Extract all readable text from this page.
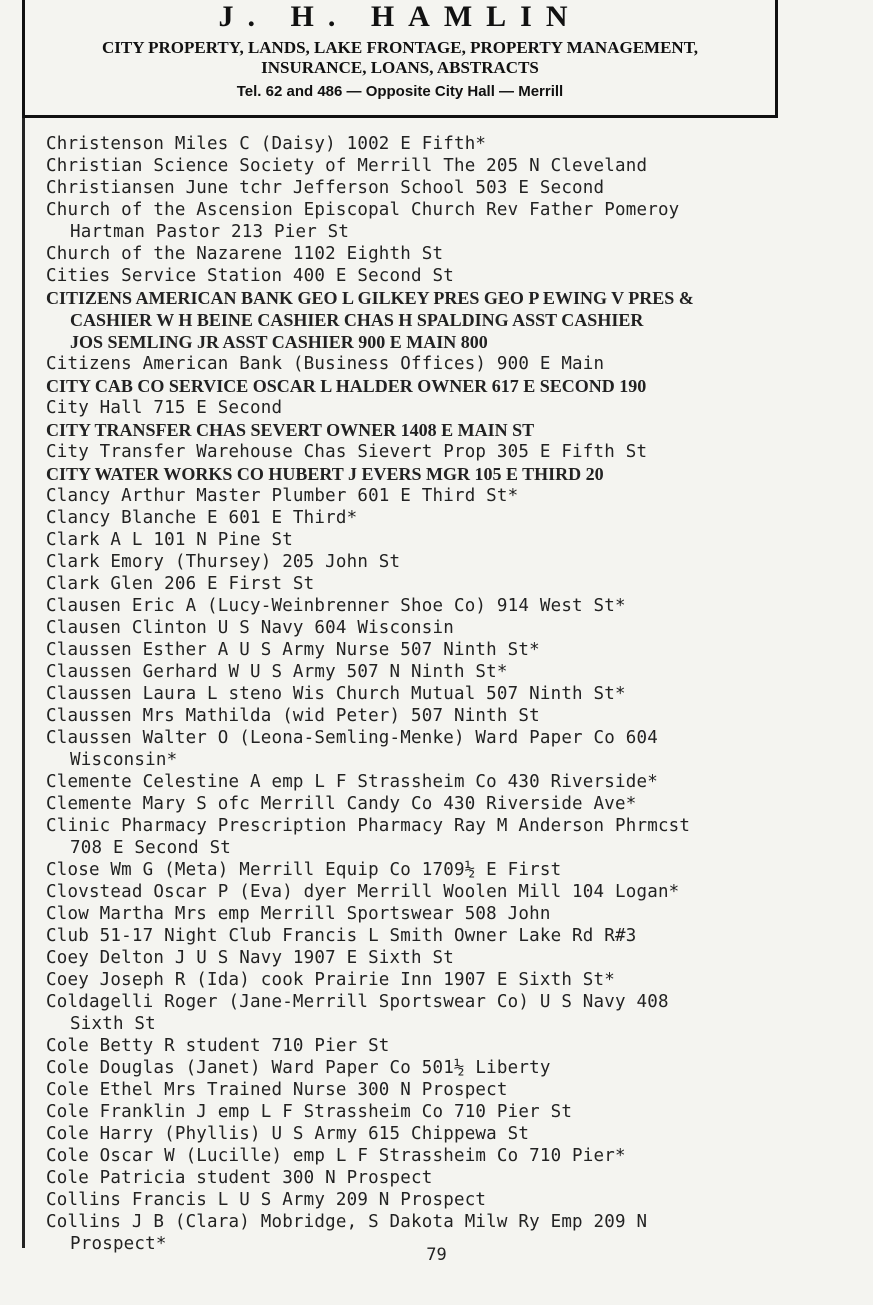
J. H. HAMLIN
CITY PROPERTY, LANDS, LAKE FRONTAGE, PROPERTY MANAGEMENT,
INSURANCE, LOANS, ABSTRACTS
Tel. 62 and 486 — Opposite City Hall — Merrill
Christenson Miles C (Daisy) 1002 E Fifth*
Christian Science Society of Merrill The 205 N Cleveland
Christiansen June tchr Jefferson School 503 E Second
Church of the Ascension Episcopal Church Rev Father Pomeroy
Hartman Pastor 213 Pier St
Church of the Nazarene 1102 Eighth St
Cities Service Station 400 E Second St
CITIZENS AMERICAN BANK GEO L GILKEY PRES GEO P EWING V PRES &
CASHIER W H BEINE CASHIER CHAS H SPALDING ASST CASHIER
JOS SEMLING JR ASST CASHIER 900 E MAIN 800
Citizens American Bank (Business Offices) 900 E Main
CITY CAB CO SERVICE OSCAR L HALDER OWNER 617 E SECOND 190
City Hall 715 E Second
CITY TRANSFER CHAS SEVERT OWNER 1408 E MAIN ST
City Transfer Warehouse Chas Sievert Prop 305 E Fifth St
CITY WATER WORKS CO HUBERT J EVERS MGR 105 E THIRD 20
Clancy Arthur Master Plumber 601 E Third St*
Clancy Blanche E 601 E Third*
Clark A L 101 N Pine St
Clark Emory (Thursey) 205 John St
Clark Glen 206 E First St
Clausen Eric A (Lucy-Weinbrenner Shoe Co) 914 West St*
Clausen Clinton U S Navy 604 Wisconsin
Claussen Esther A U S Army Nurse 507 Ninth St*
Claussen Gerhard W U S Army 507 N Ninth St*
Claussen Laura L steno Wis Church Mutual 507 Ninth St*
Claussen Mrs Mathilda (wid Peter) 507 Ninth St
Claussen Walter O (Leona-Semling-Menke) Ward Paper Co 604
Wisconsin*
Clemente Celestine A emp L F Strassheim Co 430 Riverside*
Clemente Mary S ofc Merrill Candy Co 430 Riverside Ave*
Clinic Pharmacy Prescription Pharmacy Ray M Anderson Phrmcst
708 E Second St
Close Wm G (Meta) Merrill Equip Co 1709½ E First
Clovstead Oscar P (Eva) dyer Merrill Woolen Mill 104 Logan*
Clow Martha Mrs emp Merrill Sportswear 508 John
Club 51-17 Night Club Francis L Smith Owner Lake Rd R#3
Coey Delton J U S Navy 1907 E Sixth St
Coey Joseph R (Ida) cook Prairie Inn 1907 E Sixth St*
Coldagelli Roger (Jane-Merrill Sportswear Co) U S Navy 408
Sixth St
Cole Betty R student 710 Pier St
Cole Douglas (Janet) Ward Paper Co 501½ Liberty
Cole Ethel Mrs Trained Nurse 300 N Prospect
Cole Franklin J emp L F Strassheim Co 710 Pier St
Cole Harry (Phyllis) U S Army 615 Chippewa St
Cole Oscar W (Lucille) emp L F Strassheim Co 710 Pier*
Cole Patricia student 300 N Prospect
Collins Francis L U S Army 209 N Prospect
Collins J B (Clara) Mobridge, S Dakota Milw Ry Emp 209 N
Prospect*
79
